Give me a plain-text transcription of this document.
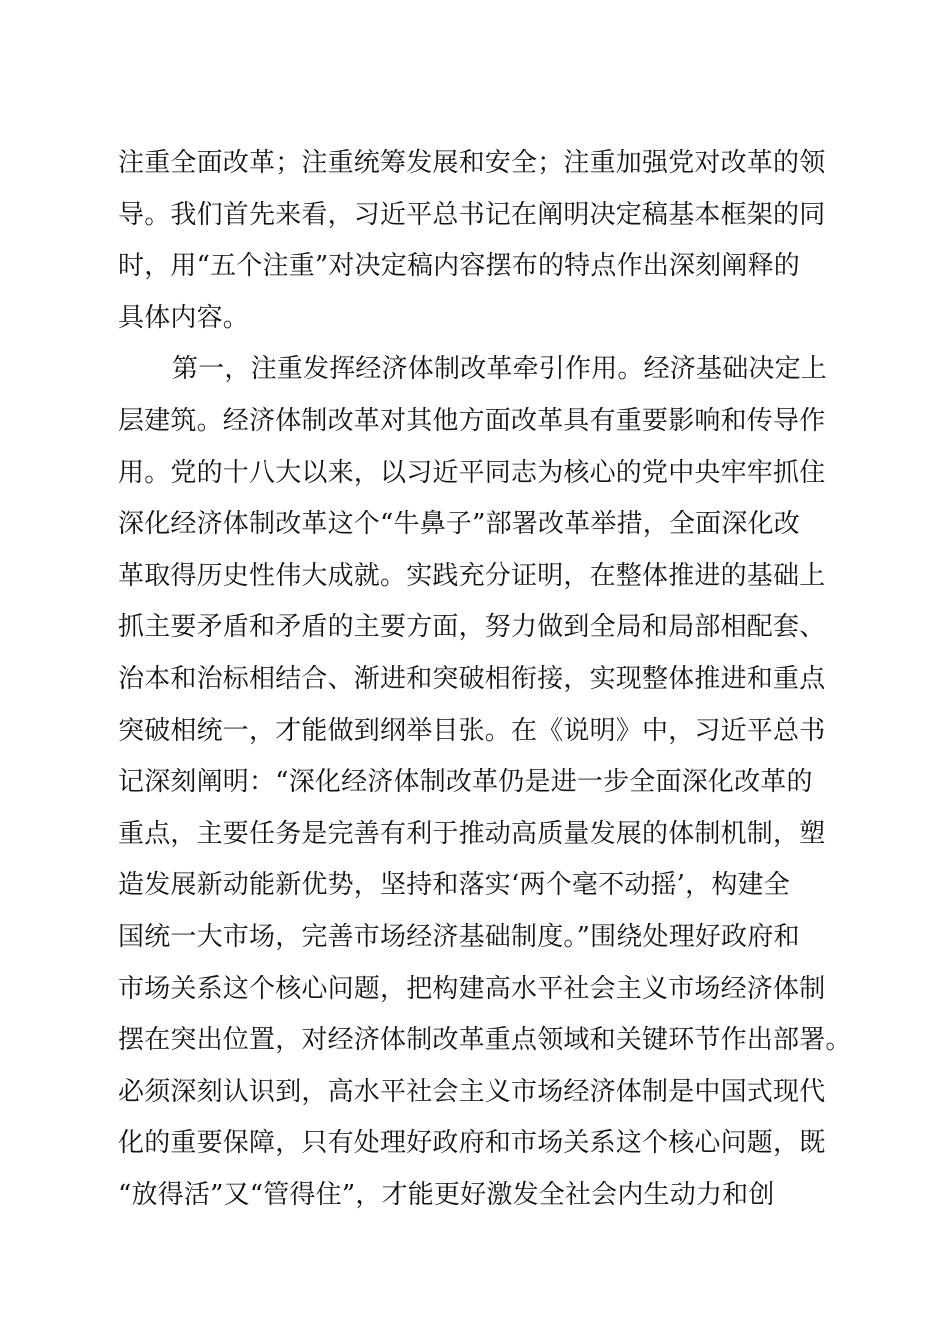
注重全面改革；注重统筹发展和安全；注重加强党对改革的领
导。我们首先来看，习近平总书记在阐明决定稿基本框架的同
时，用“五个注重”对决定稿内容摆布的特点作出深刻阐释的
具体内容。
第一，注重发挥经济体制改革牵引作用。经济基础决定上
层建筑。经济体制改革对其他方面改革具有重要影响和传导作
用。党的十八大以来，以习近平同志为核心的党中央牢牢抓住
深化经济体制改革这个“牛鼻子”部署改革举措，全面深化改
革取得历史性伟大成就。实践充分证明，在整体推进的基础上
抓主要矛盾和矛盾的主要方面，努力做到全局和局部相配套、
治本和治标相结合、渐进和突破相衔接，实现整体推进和重点
突破相统一，才能做到纲举目张。在《说明》中，习近平总书
记深刻阐明：“深化经济体制改革仍是进一步全面深化改革的
重点，主要任务是完善有利于推动高质量发展的体制机制，塑
造发展新动能新优势，坚持和落实‘两个毫不动摇’，构建全
国统一大市场，完善市场经济基础制度。”围绕处理好政府和
市场关系这个核心问题，把构建高水平社会主义市场经济体制
摆在突出位置，对经济体制改革重点领域和关键环节作出部署。
必须深刻认识到，高水平社会主义市场经济体制是中国式现代
化的重要保障，只有处理好政府和市场关系这个核心问题，既
“放得活”又“管得住”，才能更好激发全社会内生动力和创
